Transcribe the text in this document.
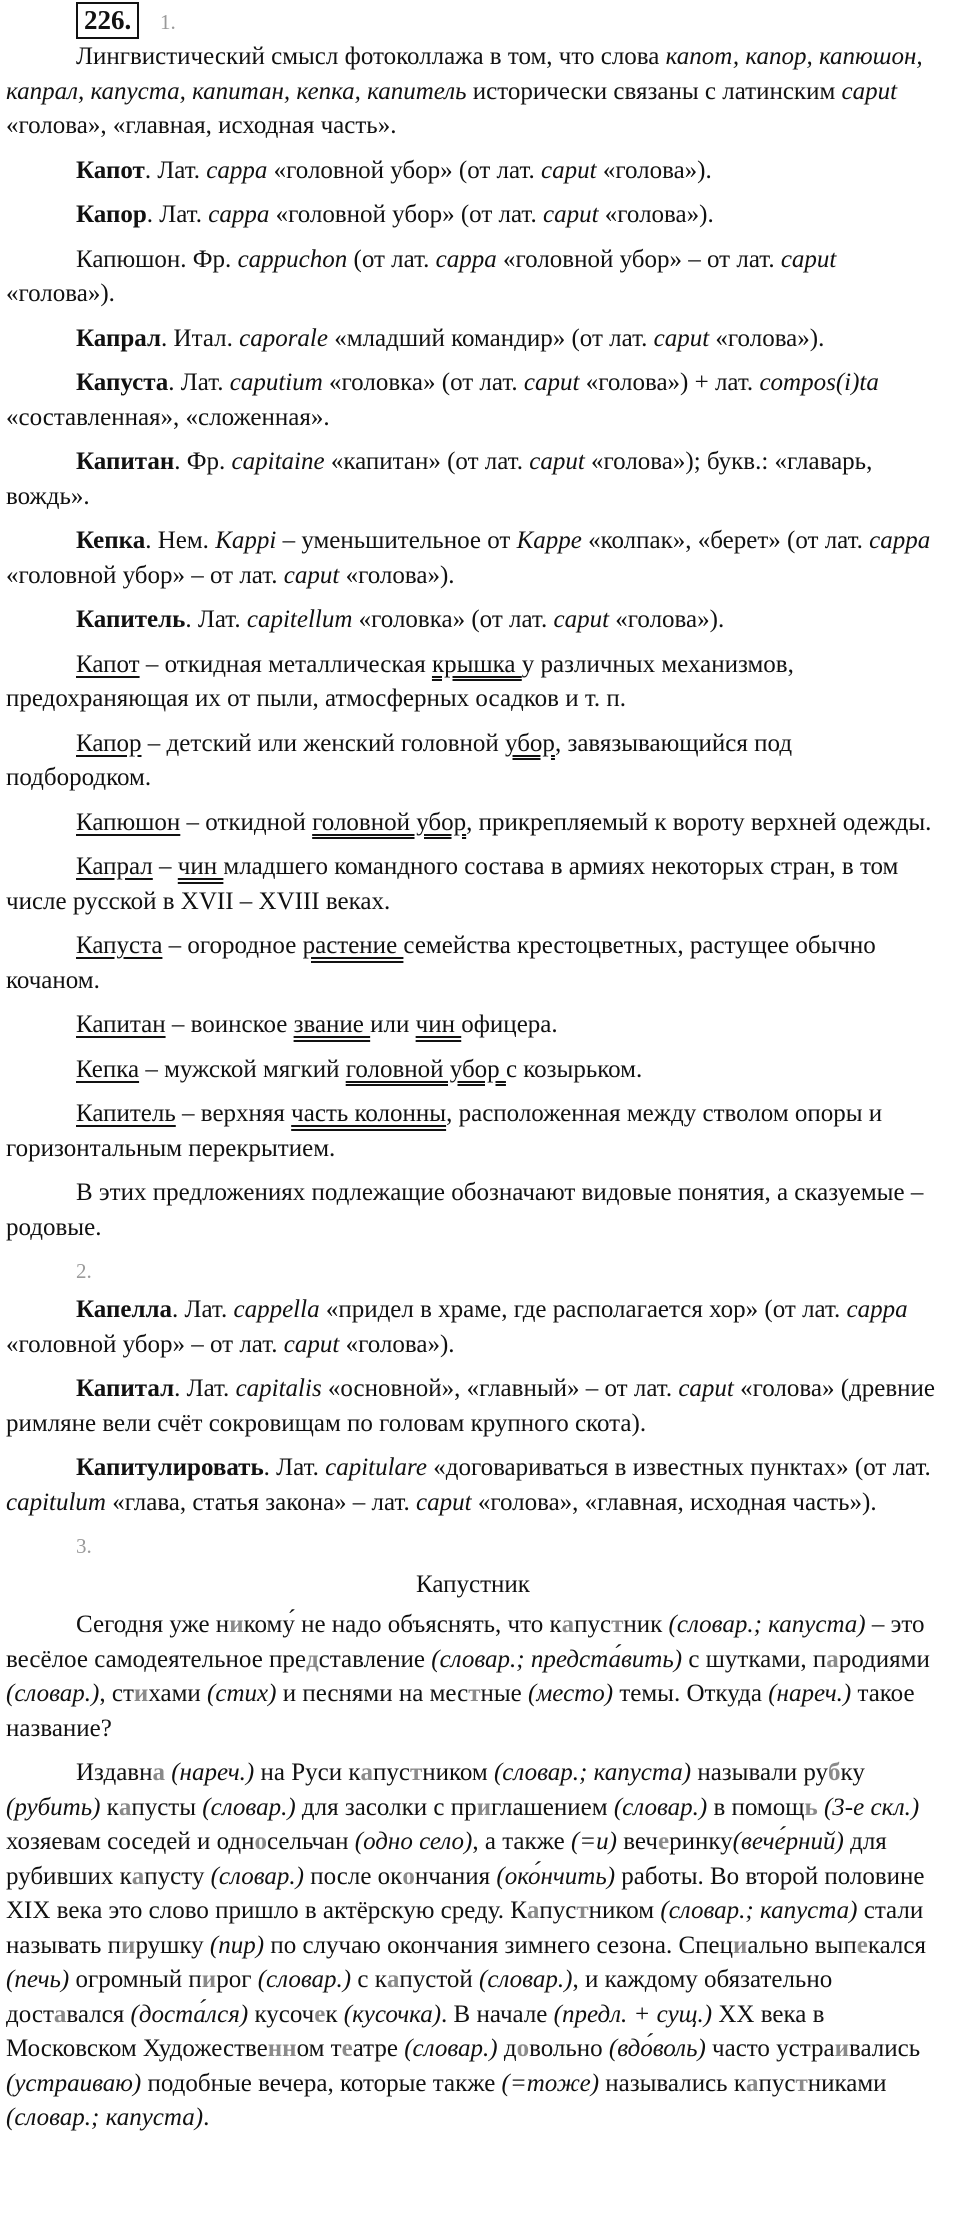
226.	1.

Лингвистический смысл фотоколлажа в том, что слова капот, капор, капюшон, капрал, капуста, капитан, кепка, капитель исторически связаны с латинским caput «голова», «главная, исходная часть».

Капот. Лат. cappa «головной убор» (от лат. caput «голова»).

Капор. Лат. cappa «головной убор» (от лат. caput «голова»).

Капюшон. Фр. cappuchon (от лат. cappa «головной убор» – от лат. caput «голова»).

Капрал. Итал. caporale «младший командир» (от лат. caput «голова»).

Капуста. Лат. caputium «головка» (от лат. caput «голова») + лат. compos(i)ta «составленная», «сложенная».

Капитан. Фр. capitaine «капитан» (от лат. caput «голова»); букв.: «главарь, вождь».

Кепка. Нем. Kappi – уменьшительное от Kappe «колпак», «берет» (от лат. cappa «головной убор» – от лат. caput «голова»).

Капитель. Лат. capitellum «головка» (от лат. caput «голова»).

Капот – откидная металлическая крышка у различных механизмов, предохраняющая их от пыли, атмосферных осадков и т. п.

Капор – детский или женский головной убор, завязывающийся под подбородком.

Капюшон – откидной головной убор, прикрепляемый к вороту верхней одежды.

Капрал – чин младшего командного состава в армиях некоторых стран, в том числе русской в XVII – XVIII веках.

Капуста – огородное растение семейства крестоцветных, растущее обычно кочаном.

Капитан – воинское звание или чин офицера.

Кепка – мужской мягкий головной убор с козырьком.

Капитель – верхняя часть колонны, расположенная между стволом опоры и горизонтальным перекрытием.

В этих предложениях подлежащие обозначают видовые понятия, а сказуемые – родовые.

2.

Капелла. Лат. cappella «придел в храме, где располагается хор» (от лат. cappa «головной убор» – от лат. caput «голова»).

Капитал. Лат. capitalis «основной», «главный» – от лат. caput «голова» (древние римляне вели счёт сокровищам по головам крупного скота).

Капитулировать. Лат. capitulare «договариваться в известных пунктах» (от лат. capitulum «глава, статья закона» – лат. caput «голова», «главная, исходная часть»).

3.
Капустник

Сегодня уже никому́ не надо объяснять, что капустник (словар.; капуста) – это весёлое самодеятельное представление (словар.; предста́вить) с шутками, пародиями (словар.), стихами (стих) и песнями на местные (место) темы. Откуда (нареч.) такое название?

Издавна (нареч.) на Руси капустником (словар.; капуста) называли рубку (рубить) капусты (словар.) для засолки с приглашением (словар.) в помощь (3-е скл.) хозяевам соседей и односельчан (одно село), а также (=и) вечеринку(вече́рний) для рубивших капусту (словар.) после окончания (око́нчить) работы. Во второй половине XIX века это слово пришло в актёрскую среду. Капустником (словар.; капуста) стали называть пирушку (пир) по случаю окончания зимнего сезона. Специально выпекался (печь) огромный пирог (словар.) с капустой (словар.), и каждому обязательно доставался (доста́лся) кусочек (кусочка). В начале (предл. + сущ.) XX века в Московском Художественном театре (словар.) довольно (вдо́воль) часто устраивались (устраиваю) подобные вечера, которые также (=тоже) назывались капустниками (словар.; капуста).
